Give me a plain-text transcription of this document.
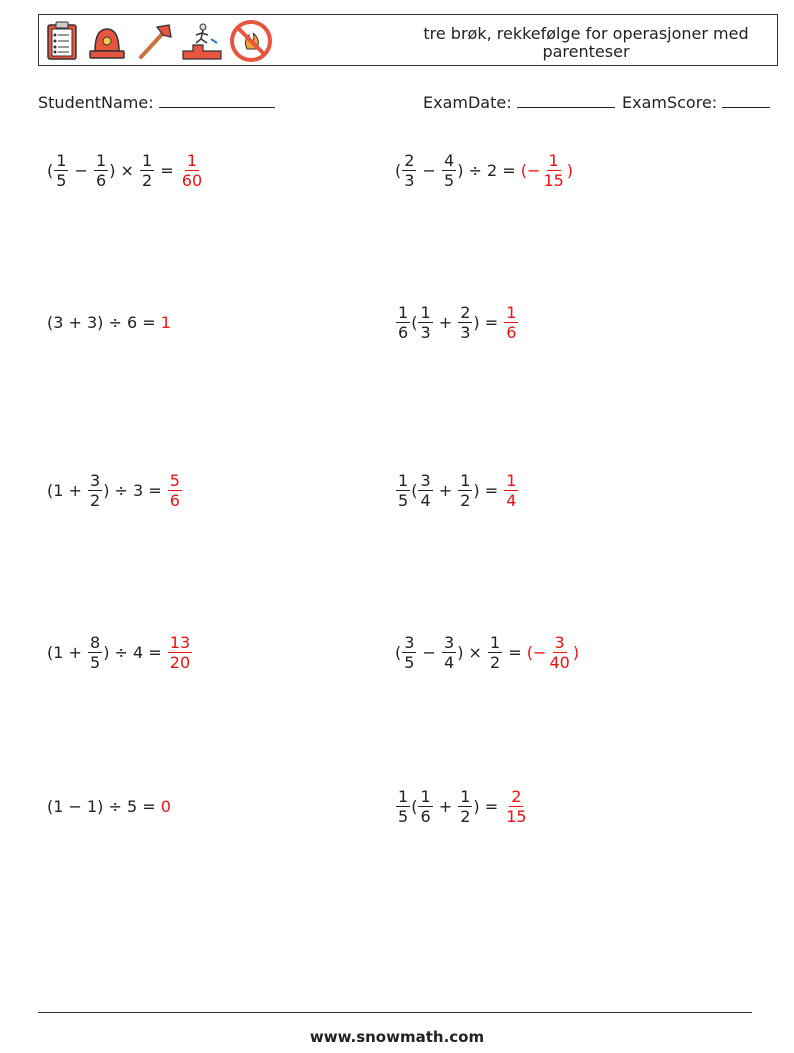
tre brøk, rekkefølge for operasjoner med parenteser
StudentName:	ExamDate:	ExamScore:
( $\frac{1}{5} - \frac{1}{6}$ ) × $\frac{1}{2} = \frac{1}{60}$	( $\frac{2}{3} - \frac{4}{5}$ ) ÷ 2 = (− $\frac{1}{15}$ )
(3 + 3) ÷ 6 = 1	$\frac{1}{6}$ ( $\frac{1}{3} + \frac{2}{3}$ ) = $\frac{1}{6}$
($1 + \frac{3}{2}$ ) ÷ $3 = \frac{5}{6}$	$\frac{1}{5}$ ( $\frac{3}{4} + \frac{1}{2}$ ) = $\frac{1}{4}$
($1 + \frac{8}{5}$ ) ÷ $4 = \frac{13}{20}$	( $\frac{3}{5} - \frac{3}{4}$ ) × $\frac{1}{2}$ = (− $\frac{3}{40}$ )
(1 − 1) ÷ 5 = 0	$\frac{1}{5}$ ( $\frac{1}{6} + \frac{1}{2}$ ) = $\frac{2}{15}$
www.snowmath.com
